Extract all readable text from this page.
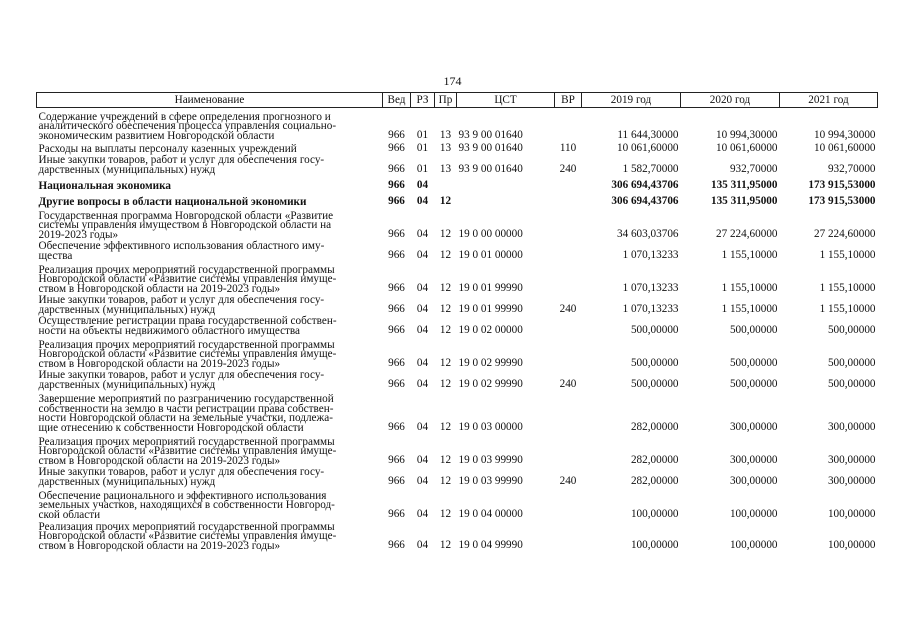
174
Наименование	Вед	РЗ	Пр	ЦСТ	ВР	2019 год	2020 год	2021 год

Содержание учреждений в сфере определения прогнозного и
аналитического обеспечения процесса управления социально-
экономическим развитием Новгородской области	966	01	13	93 9 00 01640		11 644,30000	10 994,30000	10 994,30000

Расходы на выплаты персоналу казенных учреждений	966	01	13	93 9 00 01640	110	10 061,60000	10 061,60000	10 061,60000

Иные закупки товаров, работ и услуг для обеспечения госу-
дарственных (муниципальных) нужд	966	01	13	93 9 00 01640	240	1 582,70000	932,70000	932,70000

Национальная экономика	966	04				306 694,43706	135 311,95000	173 915,53000

Другие вопросы в области национальной экономики	966	04	12			306 694,43706	135 311,95000	173 915,53000

Государственная программа Новгородской области «Развитие
системы управления имуществом в Новгородской области на
2019-2023 годы»	966	04	12	19 0 00 00000		34 603,03706	27 224,60000	27 224,60000

Обеспечение эффективного использования областного иму-
щества	966	04	12	19 0 01 00000		1 070,13233	1 155,10000	1 155,10000

Реализация прочих мероприятий государственной программы
Новгородской области «Развитие системы управления имуще-
ством в Новгородской области на 2019-2023 годы»	966	04	12	19 0 01 99990		1 070,13233	1 155,10000	1 155,10000

Иные закупки товаров, работ и услуг для обеспечения госу-
дарственных (муниципальных) нужд	966	04	12	19 0 01 99990	240	1 070,13233	1 155,10000	1 155,10000

Осуществление регистрации права государственной собствен-
ности на объекты недвижимого областного имущества	966	04	12	19 0 02 00000		500,00000	500,00000	500,00000

Реализация прочих мероприятий государственной программы
Новгородской области «Развитие системы управления имуще-
ством в Новгородской области на 2019-2023 годы»	966	04	12	19 0 02 99990		500,00000	500,00000	500,00000

Иные закупки товаров, работ и услуг для обеспечения госу-
дарственных (муниципальных) нужд	966	04	12	19 0 02 99990	240	500,00000	500,00000	500,00000

Завершение мероприятий по разграничению государственной
собственности на землю в части регистрации права собствен-
ности Новгородской области на земельные участки, подлежа-
щие отнесению к собственности Новгородской области	966	04	12	19 0 03 00000		282,00000	300,00000	300,00000

Реализация прочих мероприятий государственной программы
Новгородской области «Развитие системы управления имуще-
ством в Новгородской области на 2019-2023 годы»	966	04	12	19 0 03 99990		282,00000	300,00000	300,00000

Иные закупки товаров, работ и услуг для обеспечения госу-
дарственных (муниципальных) нужд	966	04	12	19 0 03 99990	240	282,00000	300,00000	300,00000

Обеспечение рационального и эффективного использования
земельных участков, находящихся в собственности Новгород-
ской области	966	04	12	19 0 04 00000		100,00000	100,00000	100,00000

Реализация прочих мероприятий государственной программы
Новгородской области «Развитие системы управления имуще-
ством в Новгородской области на 2019-2023 годы»	966	04	12	19 0 04 99990		100,00000	100,00000	100,00000
